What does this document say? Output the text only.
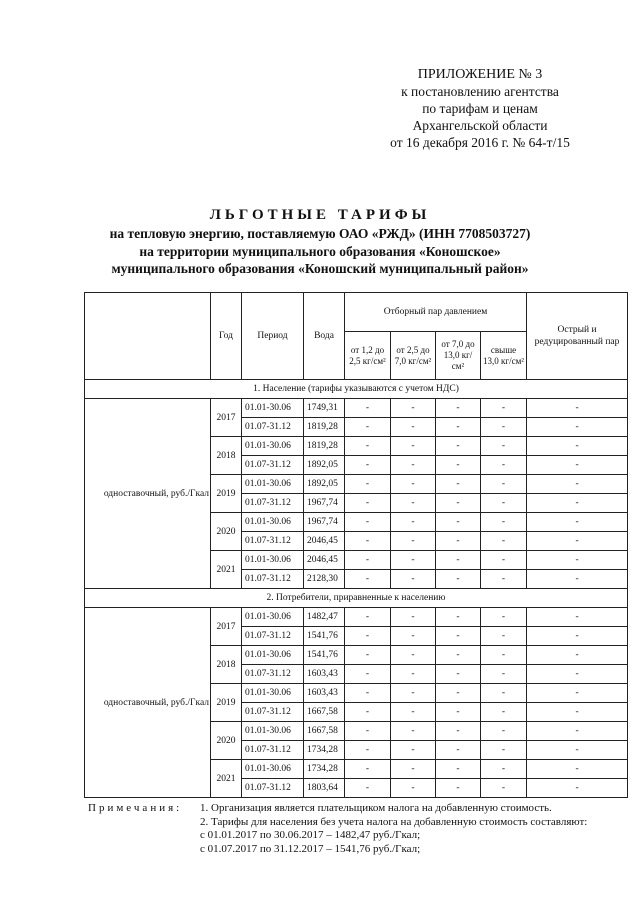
ПРИЛОЖЕНИЕ № 3
к постановлению агентства
по тарифам и ценам
Архангельской области
от 16 декабря 2016 г. № 64-т/15
ЛЬГОТНЫЕ ТАРИФЫ
на тепловую энергию, поставляемую ОАО «РЖД» (ИНН 7708503727)
на территории муниципального образования «Коношское»
муниципального образования «Коношский муниципальный район»
	Год	Период	Вода	Отборный пар давлением				Острый и редуцированный пар
				от 1,2 до 2,5 кг/см²	от 2,5 до 7,0 кг/см²	от 7,0 до 13,0 кг/см²	свыше 13,0 кг/см²	
1. Население (тарифы указываются с учетом НДС)								
одноставочный, руб./Гкал	2017	01.01-30.06	1749,31	-	-	-	-	-
		01.07-31.12	1819,28	-	-	-	-	-
	2018	01.01-30.06	1819,28	-	-	-	-	-
		01.07-31.12	1892,05	-	-	-	-	-
	2019	01.01-30.06	1892,05	-	-	-	-	-
		01.07-31.12	1967,74	-	-	-	-	-
	2020	01.01-30.06	1967,74	-	-	-	-	-
		01.07-31.12	2046,45	-	-	-	-	-
	2021	01.01-30.06	2046,45	-	-	-	-	-
		01.07-31.12	2128,30	-	-	-	-	-
2. Потребители, приравненные к населению								
одноставочный, руб./Гкал	2017	01.01-30.06	1482,47	-	-	-	-	-
		01.07-31.12	1541,76	-	-	-	-	-
	2018	01.01-30.06	1541,76	-	-	-	-	-
		01.07-31.12	1603,43	-	-	-	-	-
	2019	01.01-30.06	1603,43	-	-	-	-	-
		01.07-31.12	1667,58	-	-	-	-	-
	2020	01.01-30.06	1667,58	-	-	-	-	-
		01.07-31.12	1734,28	-	-	-	-	-
	2021	01.01-30.06	1734,28	-	-	-	-	-
		01.07-31.12	1803,64	-	-	-	-	-
Примечания: 1. Организация является плательщиком налога на добавленную стоимость.
2. Тарифы для населения без учета налога на добавленную стоимость составляют:
с 01.01.2017 по 30.06.2017 – 1482,47 руб./Гкал;
с 01.07.2017 по 31.12.2017 – 1541,76 руб./Гкал;
